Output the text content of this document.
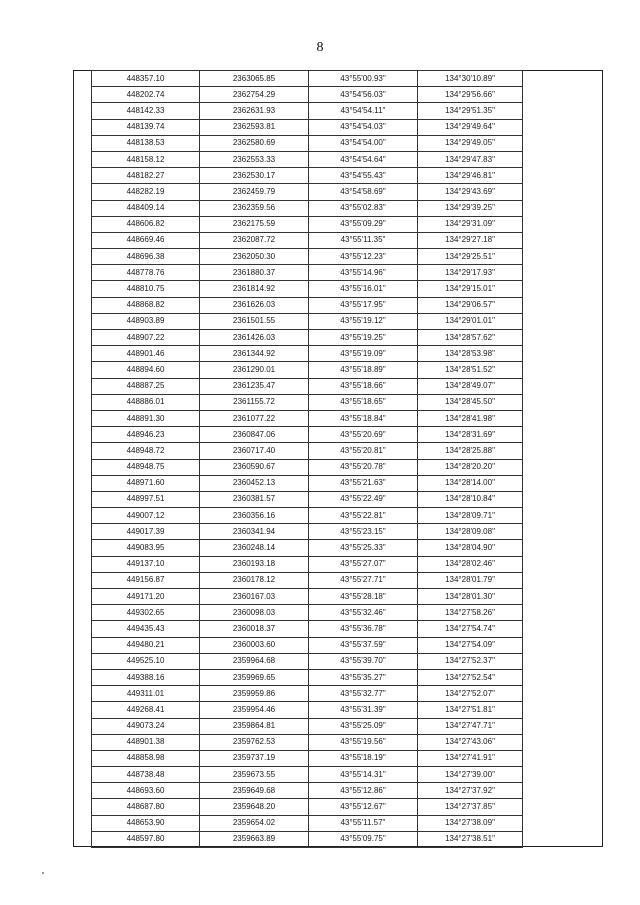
8
448357.10	2363065.85	43°55'00.93"	134°30'10.89"
448202.74	2362754.29	43°54'56.03"	134°29'56.66"
448142.33	2362631.93	43°54'54.11"	134°29'51.35"
448139.74	2362593.81	43°54'54.03"	134°29'49.64"
448138.53	2362580.69	43°54'54.00"	134°29'49.05"
448158.12	2362553.33	43°54'54.64"	134°29'47.83"
448182.27	2362530.17	43°54'55.43"	134°29'46.81"
448282.19	2362459.79	43°54'58.69"	134°29'43.69"
448409.14	2362359.56	43°55'02.83"	134°29'39.25"
448606.82	2362175.59	43°55'09.29"	134°29'31.09"
448669.46	2362087.72	43°55'11.35"	134°29'27.18"
448696.38	2362050.30	43°55'12.23"	134°29'25.51"
448778.76	2361880.37	43°55'14.96"	134°29'17.93"
448810.75	2361814.92	43°55'16.01"	134°29'15.01"
448868.82	2361626.03	43°55'17.95"	134°29'06.57"
448903.89	2361501.55	43°55'19.12"	134°29'01.01"
448907.22	2361426.03	43°55'19.25"	134°28'57.62"
448901.46	2361344.92	43°55'19.09"	134°28'53.98"
448894.60	2361290.01	43°55'18.89"	134°28'51.52"
448887.25	2361235.47	43°55'18.66"	134°28'49.07"
448886.01	2361155.72	43°55'18.65"	134°28'45.50"
448891.30	2361077.22	43°55'18.84"	134°28'41.98"
448946.23	2360847.06	43°55'20.69"	134°28'31.69"
448948.72	2360717.40	43°55'20.81"	134°28'25.88"
448948.75	2360590.67	43°55'20.78"	134°28'20.20"
448971.60	2360452.13	43°55'21.63"	134°28'14.00"
448997.51	2360381.57	43°55'22.49"	134°28'10.84"
449007.12	2360356.16	43°55'22.81"	134°28'09.71"
449017.39	2360341.94	43°55'23.15"	134°28'09.08"
449083.95	2360248.14	43°55'25.33"	134°28'04.90"
449137.10	2360193.18	43°55'27.07"	134°28'02.46"
449156.87	2360178.12	43°55'27.71"	134°28'01.79"
449171.20	2360167.03	43°55'28.18"	134°28'01.30"
449302.65	2360098.03	43°55'32.46"	134°27'58.26"
449435.43	2360018.37	43°55'36.78"	134°27'54.74"
449480.21	2360003.60	43°55'37.59"	134°27'54.09"
449525.10	2359964.68	43°55'39.70"	134°27'52.37"
449388.16	2359969.65	43°55'35.27"	134°27'52.54"
449311.01	2359959.86	43°55'32.77"	134°27'52.07"
449268.41	2359954.46	43°55'31.39"	134°27'51.81"
449073.24	2359864.81	43°55'25.09"	134°27'47.71"
448901.38	2359762.53	43°55'19.56"	134°27'43.06"
448858.98	2359737.19	43°55'18.19"	134°27'41.91"
448738.48	2359673.55	43°55'14.31"	134°27'39.00"
448693.60	2359649.68	43°55'12.86"	134°27'37.92"
448687.80	2359648.20	43°55'12.67"	134°27'37.85"
448653.90	2359654.02	43°55'11.57"	134°27'38.09"
448597.80	2359663.89	43°55'09.75"	134°27'38.51"
